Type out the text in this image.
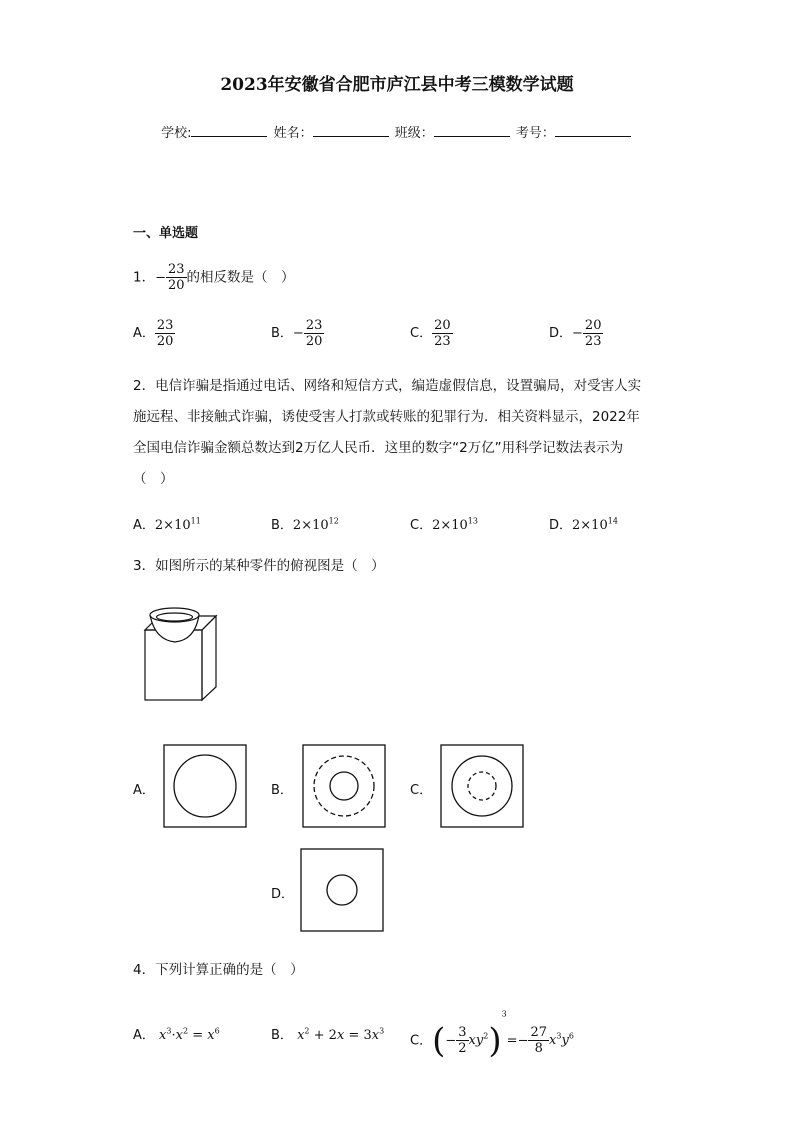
2023年安徽省合肥市庐江县中考三模数学试题
学校:	姓名：	班级：	考号：
一、单选题
1．− $\frac{23}{20}$ 的相反数是（　）
A． $\frac{23}{20}$	B．− $\frac{23}{20}$	C． $\frac{20}{23}$	D．− $\frac{20}{23}$
2．电信诈骗是指通过电话、网络和短信方式，编造虚假信息，设置骗局，对受害人实
施远程、非接触式诈骗，诱使受害人打款或转账的犯罪行为．相关资料显示，2022年
全国电信诈骗金额总数达到2万亿人民币．这里的数字“2万亿”用科学记数法表示为
（　）
A．$2\times 10^{11}$	B．$2\times 10^{12}$	C．$2\times 10^{13}$	D．$2\times 10^{14}$
3．如图所示的某种零件的俯视图是（　）
A．	B．	C．
D．
4．下列计算正确的是（　）
A． $x^3\cdot x^2 = x^6$	B． $x^2 + 2x = 3x^3$
C．(− $\frac{3}{2} xy^2)^3=- \frac{27}{8} x^3y^6$
